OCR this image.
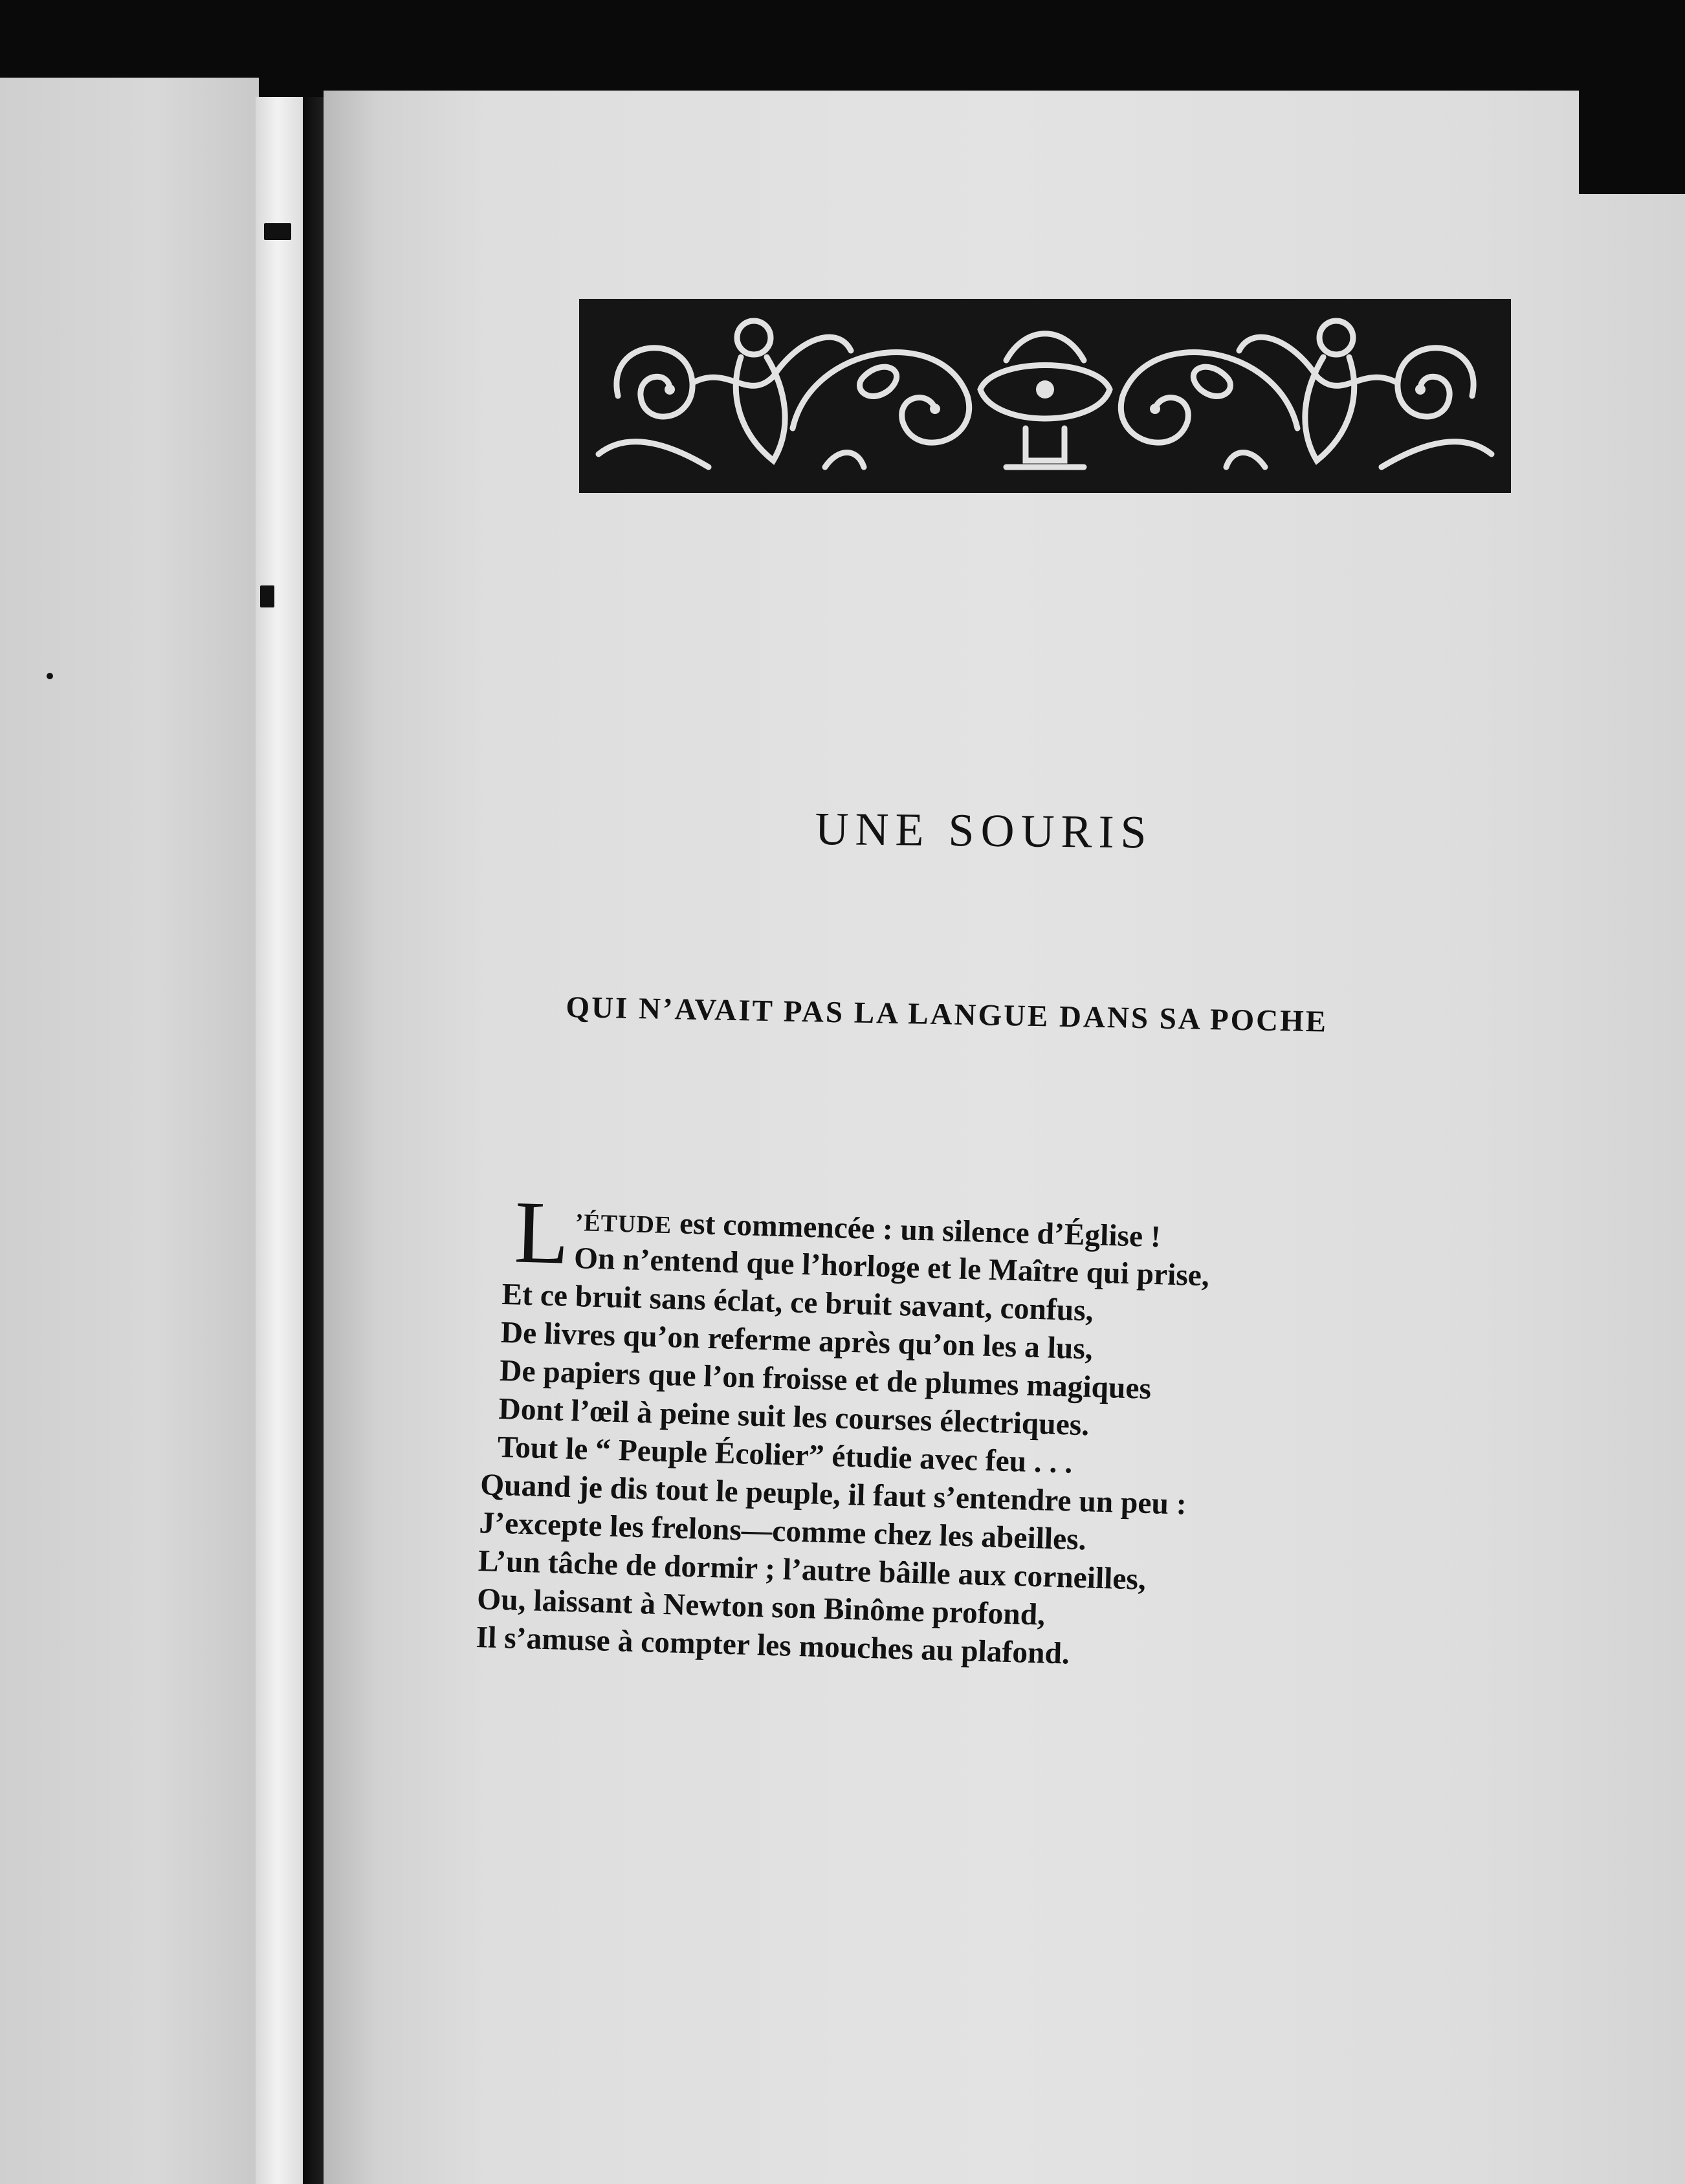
UNE SOURIS
QUI N’AVAIT PAS LA LANGUE DANS SA POCHE
L ’ÉTUDE est commencée : un silence d’Église !
On n’entend que l’horloge et le Maître qui prise,
Et ce bruit sans éclat, ce bruit savant, confus,
De livres qu’on referme après qu’on les a lus,
De papiers que l’on froisse et de plumes magiques
Dont l’œil à peine suit les courses électriques.
Tout le “ Peuple Écolier” étudie avec feu . . .
Quand je dis tout le peuple, il faut s’entendre un peu :
J’excepte les frelons—comme chez les abeilles.
L’un tâche de dormir ; l’autre bâille aux corneilles,
Ou, laissant à Newton son Binôme profond,
Il s’amuse à compter les mouches au plafond.
